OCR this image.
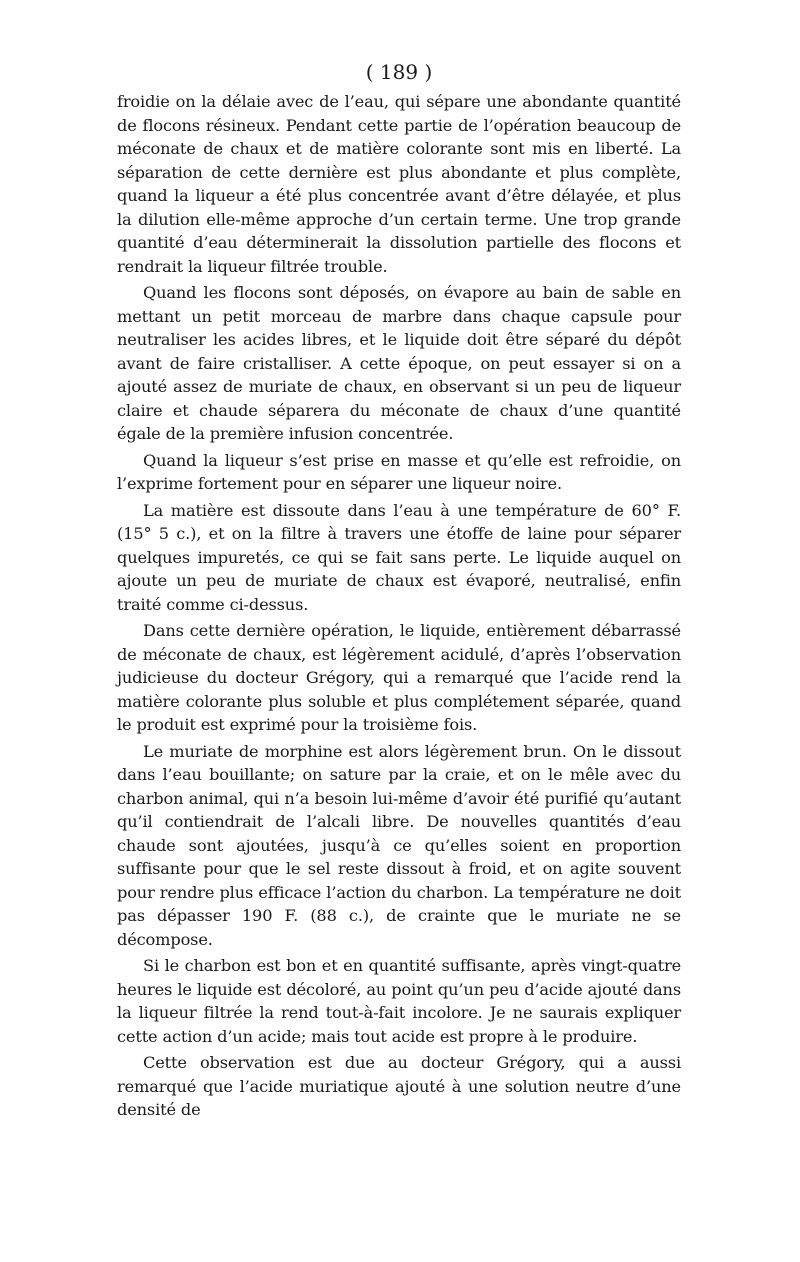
( 189 )

froidie on la délaie avec de l’eau, qui sépare une abondante quantité de flocons résineux. Pendant cette partie de l’opération beaucoup de méconate de chaux et de matière colorante sont mis en liberté. La séparation de cette dernière est plus abondante et plus complète, quand la liqueur a été plus concentrée avant d’être délayée, et plus la dilution elle-même approche d’un certain terme. Une trop grande quantité d’eau déterminerait la dissolution partielle des flocons et rendrait la liqueur filtrée trouble.

Quand les flocons sont déposés, on évapore au bain de sable en mettant un petit morceau de marbre dans chaque capsule pour neutraliser les acides libres, et le liquide doit être séparé du dépôt avant de faire cristalliser. A cette époque, on peut essayer si on a ajouté assez de muriate de chaux, en observant si un peu de liqueur claire et chaude séparera du méconate de chaux d’une quantité égale de la première infusion concentrée.

Quand la liqueur s’est prise en masse et qu’elle est refroidie, on l’exprime fortement pour en séparer une liqueur noire.

La matière est dissoute dans l’eau à une température de 60° F. (15° 5 c.), et on la filtre à travers une étoffe de laine pour séparer quelques impuretés, ce qui se fait sans perte. Le liquide auquel on ajoute un peu de muriate de chaux est évaporé, neutralisé, enfin traité comme ci-dessus.

Dans cette dernière opération, le liquide, entièrement débarrassé de méconate de chaux, est légèrement acidulé, d’après l’observation judicieuse du docteur Grégory, qui a remarqué que l’acide rend la matière colorante plus soluble et plus complétement séparée, quand le produit est exprimé pour la troisième fois.

Le muriate de morphine est alors légèrement brun. On le dissout dans l’eau bouillante; on sature par la craie, et on le mêle avec du charbon animal, qui n’a besoin lui-même d’avoir été purifié qu’autant qu’il contiendrait de l’alcali libre. De nouvelles quantités d’eau chaude sont ajoutées, jusqu’à ce qu’elles soient en proportion suffisante pour que le sel reste dissout à froid, et on agite souvent pour rendre plus efficace l’action du charbon. La température ne doit pas dépasser 190 F. (88 c.), de crainte que le muriate ne se décompose.

Si le charbon est bon et en quantité suffisante, après vingt-quatre heures le liquide est décoloré, au point qu’un peu d’acide ajouté dans la liqueur filtrée la rend tout-à-fait incolore. Je ne saurais expliquer cette action d’un acide; mais tout acide est propre à le produire.

Cette observation est due au docteur Grégory, qui a aussi remarqué que l’acide muriatique ajouté à une solution neutre d’une densité de
